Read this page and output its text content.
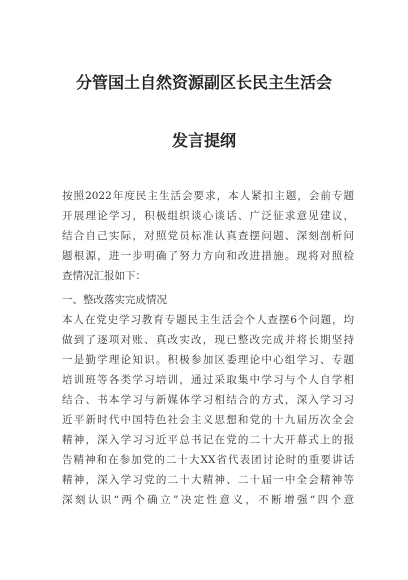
分管国土自然资源副区长民主生活会
发言提纲
按照2022年度民主生活会要求，本人紧扣主题，会前专题
开展理论学习，积极组织谈心谈话、广泛征求意见建议，
结合自己实际，对照党员标准认真查摆问题、深刻剖析问
题根源，进一步明确了努力方向和改进措施。现将对照检
查情况汇报如下：
一、整改落实完成情况
本人在党史学习教育专题民主生活会个人查摆6个问题，均
做到了逐项对账、真改实改，现已整改完成并将长期坚持
一是勤学理论知识。积极参加区委理论中心组学习、专题
培训班等各类学习培训，通过采取集中学习与个人自学相
结合、书本学习与新媒体学习相结合的方式，深入学习习
近平新时代中国特色社会主义思想和党的十九届历次全会
精神，深入学习习近平总书记在党的二十大开幕式上的报
告精神和在参加党的二十大XX省代表团讨论时的重要讲话
精神，深入学习党的二十大精神、二十届一中全会精神等
深刻认识“两个确立”决定性意义，不断增强“四个意
